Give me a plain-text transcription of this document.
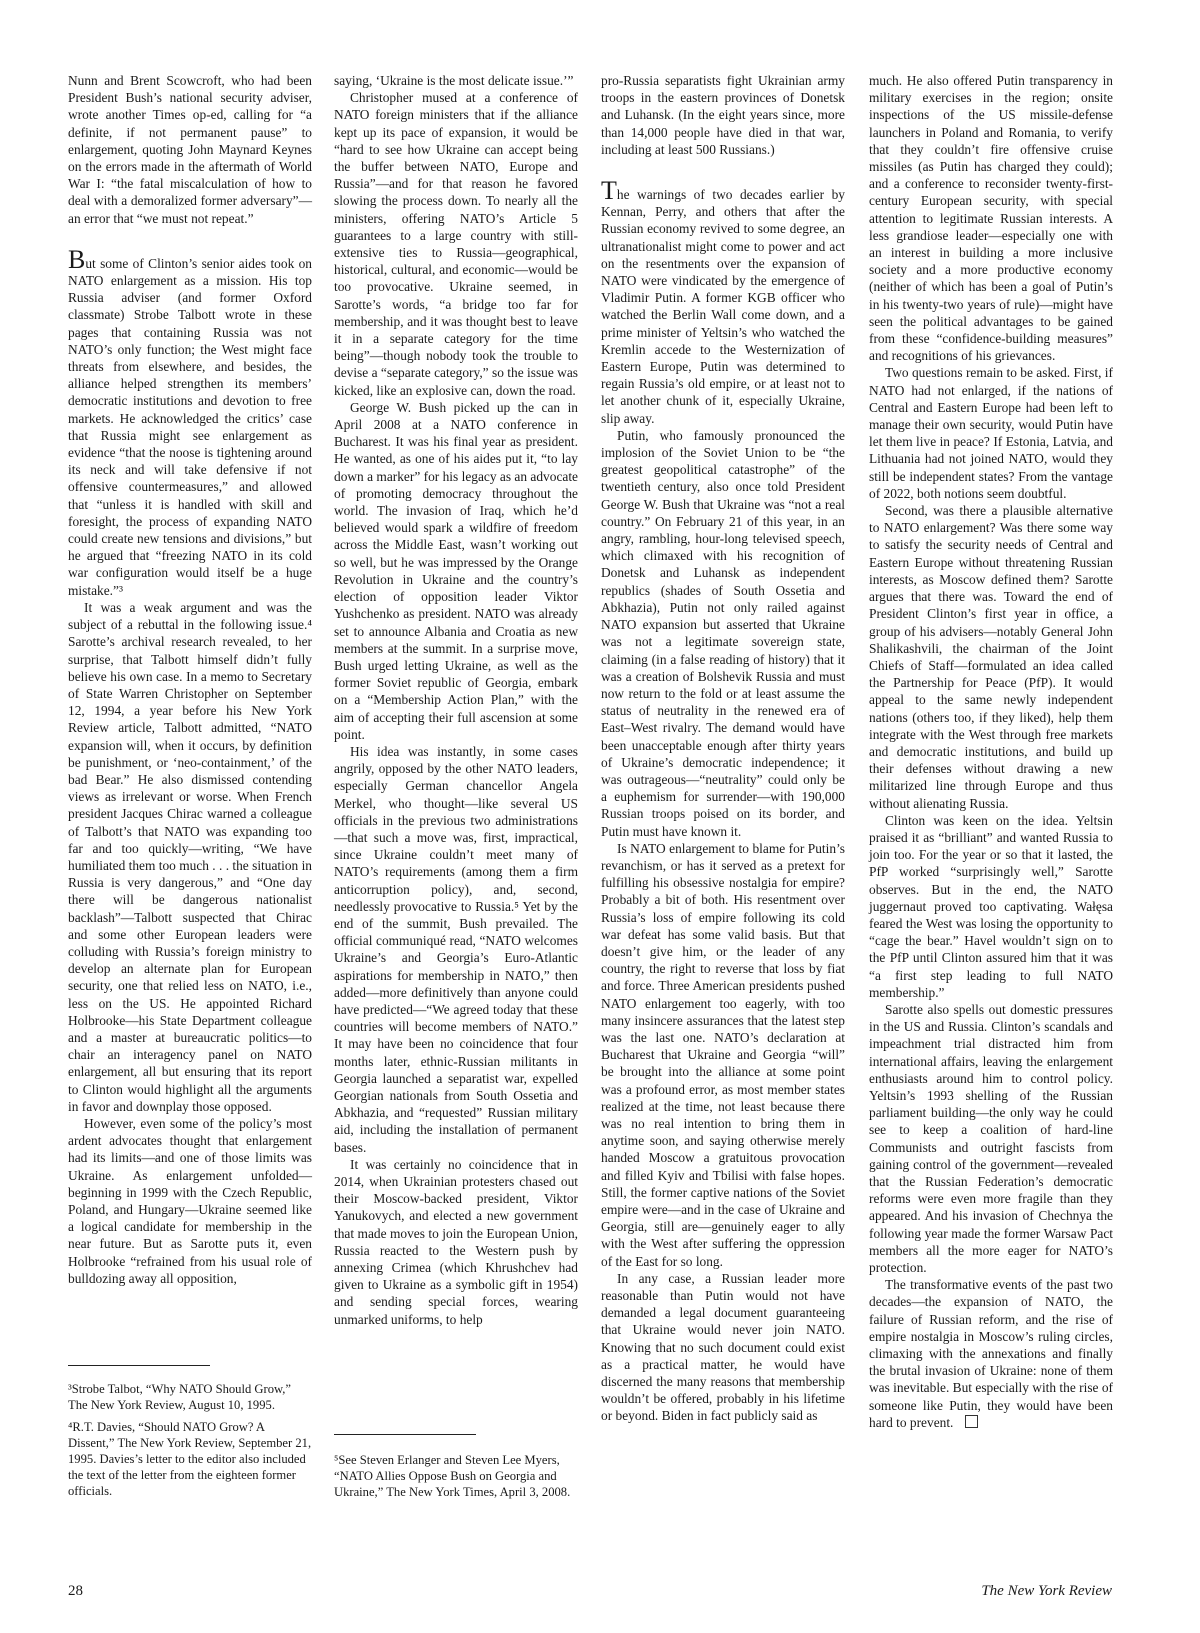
Nunn and Brent Scowcroft, who had been President Bush’s national security adviser, wrote another Times op-ed, calling for “a definite, if not permanent pause” to enlargement, quoting John Maynard Keynes on the errors made in the aftermath of World War I: “the fatal miscalculation of how to deal with a demoralized former adversary”—an error that “we must not repeat.”

But some of Clinton’s senior aides took on NATO enlargement as a mission. His top Russia adviser (and former Oxford classmate) Strobe Talbott wrote in these pages that containing Russia was not NATO’s only function; the West might face threats from elsewhere, and besides, the alliance helped strengthen its members’ democratic institutions and devotion to free markets. He acknowledged the critics’ case that Russia might see enlargement as evidence “that the noose is tightening around its neck and will take defensive if not offensive countermeasures,” and allowed that “unless it is handled with skill and foresight, the process of expanding NATO could create new tensions and divisions,” but he argued that “freezing NATO in its cold war configuration would itself be a huge mistake.”³

It was a weak argument and was the subject of a rebuttal in the following issue.⁴ Sarotte’s archival research revealed, to her surprise, that Talbott himself didn’t fully believe his own case. In a memo to Secretary of State Warren Christopher on September 12, 1994, a year before his New York Review article, Talbott admitted, “NATO expansion will, when it occurs, by definition be punishment, or ‘neo-containment,’ of the bad Bear.” He also dismissed contending views as irrelevant or worse. When French president Jacques Chirac warned a colleague of Talbott’s that NATO was expanding too far and too quickly—writing, “We have humiliated them too much . . . the situation in Russia is very dangerous,” and “One day there will be dangerous nationalist backlash”—Talbott suspected that Chirac and some other European leaders were colluding with Russia’s foreign ministry to develop an alternate plan for European security, one that relied less on NATO, i.e., less on the US. He appointed Richard Holbrooke—his State Department colleague and a master at bureaucratic politics—to chair an interagency panel on NATO enlargement, all but ensuring that its report to Clinton would highlight all the arguments in favor and downplay those opposed.

However, even some of the policy’s most ardent advocates thought that enlargement had its limits—and one of those limits was Ukraine. As enlargement unfolded—beginning in 1999 with the Czech Republic, Poland, and Hungary—Ukraine seemed like a logical candidate for membership in the near future. But as Sarotte puts it, even Holbrooke “refrained from his usual role of bulldozing away all opposition,

³Strobe Talbot, “Why NATO Should Grow,” The New York Review, August 10, 1995.

⁴R.T. Davies, “Should NATO Grow? A Dissent,” The New York Review, September 21, 1995. Davies’s letter to the editor also included the text of the letter from the eighteen former officials.

saying, ‘Ukraine is the most delicate issue.’”

Christopher mused at a conference of NATO foreign ministers that if the alliance kept up its pace of expansion, it would be “hard to see how Ukraine can accept being the buffer between NATO, Europe and Russia”—and for that reason he favored slowing the process down. To nearly all the ministers, offering NATO’s Article 5 guarantees to a large country with still-extensive ties to Russia—geographical, historical, cultural, and economic—would be too provocative. Ukraine seemed, in Sarotte’s words, “a bridge too far for membership, and it was thought best to leave it in a separate category for the time being”—though nobody took the trouble to devise a “separate category,” so the issue was kicked, like an explosive can, down the road.

George W. Bush picked up the can in April 2008 at a NATO conference in Bucharest. It was his final year as president. He wanted, as one of his aides put it, “to lay down a marker” for his legacy as an advocate of promoting democracy throughout the world. The invasion of Iraq, which he’d believed would spark a wildfire of freedom across the Middle East, wasn’t working out so well, but he was impressed by the Orange Revolution in Ukraine and the country’s election of opposition leader Viktor Yushchenko as president. NATO was already set to announce Albania and Croatia as new members at the summit. In a surprise move, Bush urged letting Ukraine, as well as the former Soviet republic of Georgia, embark on a “Membership Action Plan,” with the aim of accepting their full ascension at some point.

His idea was instantly, in some cases angrily, opposed by the other NATO leaders, especially German chancellor Angela Merkel, who thought—like several US officials in the previous two administrations—that such a move was, first, impractical, since Ukraine couldn’t meet many of NATO’s requirements (among them a firm anticorruption policy), and, second, needlessly provocative to Russia.⁵ Yet by the end of the summit, Bush prevailed. The official communiqué read, “NATO welcomes Ukraine’s and Georgia’s Euro-Atlantic aspirations for membership in NATO,” then added—more definitively than anyone could have predicted—“We agreed today that these countries will become members of NATO.” It may have been no coincidence that four months later, ethnic-Russian militants in Georgia launched a separatist war, expelled Georgian nationals from South Ossetia and Abkhazia, and “requested” Russian military aid, including the installation of permanent bases.

It was certainly no coincidence that in 2014, when Ukrainian protesters chased out their Moscow-backed president, Viktor Yanukovych, and elected a new government that made moves to join the European Union, Russia reacted to the Western push by annexing Crimea (which Khrushchev had given to Ukraine as a symbolic gift in 1954) and sending special forces, wearing unmarked uniforms, to help

⁵See Steven Erlanger and Steven Lee Myers, “NATO Allies Oppose Bush on Georgia and Ukraine,” The New York Times, April 3, 2008.

pro-Russia separatists fight Ukrainian army troops in the eastern provinces of Donetsk and Luhansk. (In the eight years since, more than 14,000 people have died in that war, including at least 500 Russians.)

The warnings of two decades earlier by Kennan, Perry, and others that after the Russian economy revived to some degree, an ultranationalist might come to power and act on the resentments over the expansion of NATO were vindicated by the emergence of Vladimir Putin. A former KGB officer who watched the Berlin Wall come down, and a prime minister of Yeltsin’s who watched the Kremlin accede to the Westernization of Eastern Europe, Putin was determined to regain Russia’s old empire, or at least not to let another chunk of it, especially Ukraine, slip away.

Putin, who famously pronounced the implosion of the Soviet Union to be “the greatest geopolitical catastrophe” of the twentieth century, also once told President George W. Bush that Ukraine was “not a real country.” On February 21 of this year, in an angry, rambling, hour-long televised speech, which climaxed with his recognition of Donetsk and Luhansk as independent republics (shades of South Ossetia and Abkhazia), Putin not only railed against NATO expansion but asserted that Ukraine was not a legitimate sovereign state, claiming (in a false reading of history) that it was a creation of Bolshevik Russia and must now return to the fold or at least assume the status of neutrality in the renewed era of East–West rivalry. The demand would have been unacceptable enough after thirty years of Ukraine’s democratic independence; it was outrageous—“neutrality” could only be a euphemism for surrender—with 190,000 Russian troops poised on its border, and Putin must have known it.

Is NATO enlargement to blame for Putin’s revanchism, or has it served as a pretext for fulfilling his obsessive nostalgia for empire? Probably a bit of both. His resentment over Russia’s loss of empire following its cold war defeat has some valid basis. But that doesn’t give him, or the leader of any country, the right to reverse that loss by fiat and force. Three American presidents pushed NATO enlargement too eagerly, with too many insincere assurances that the latest step was the last one. NATO’s declaration at Bucharest that Ukraine and Georgia “will” be brought into the alliance at some point was a profound error, as most member states realized at the time, not least because there was no real intention to bring them in anytime soon, and saying otherwise merely handed Moscow a gratuitous provocation and filled Kyiv and Tbilisi with false hopes. Still, the former captive nations of the Soviet empire were—and in the case of Ukraine and Georgia, still are—genuinely eager to ally with the West after suffering the oppression of the East for so long.

In any case, a Russian leader more reasonable than Putin would not have demanded a legal document guaranteeing that Ukraine would never join NATO. Knowing that no such document could exist as a practical matter, he would have discerned the many reasons that membership wouldn’t be offered, probably in his lifetime or beyond. Biden in fact publicly said as

much. He also offered Putin transparency in military exercises in the region; onsite inspections of the US missile-defense launchers in Poland and Romania, to verify that they couldn’t fire offensive cruise missiles (as Putin has charged they could); and a conference to reconsider twenty-first-century European security, with special attention to legitimate Russian interests. A less grandiose leader—especially one with an interest in building a more inclusive society and a more productive economy (neither of which has been a goal of Putin’s in his twenty-two years of rule)—might have seen the political advantages to be gained from these “confidence-building measures” and recognitions of his grievances.

Two questions remain to be asked. First, if NATO had not enlarged, if the nations of Central and Eastern Europe had been left to manage their own security, would Putin have let them live in peace? If Estonia, Latvia, and Lithuania had not joined NATO, would they still be independent states? From the vantage of 2022, both notions seem doubtful.

Second, was there a plausible alternative to NATO enlargement? Was there some way to satisfy the security needs of Central and Eastern Europe without threatening Russian interests, as Moscow defined them? Sarotte argues that there was. Toward the end of President Clinton’s first year in office, a group of his advisers—notably General John Shalikashvili, the chairman of the Joint Chiefs of Staff—formulated an idea called the Partnership for Peace (PfP). It would appeal to the same newly independent nations (others too, if they liked), help them integrate with the West through free markets and democratic institutions, and build up their defenses without drawing a new militarized line through Europe and thus without alienating Russia.

Clinton was keen on the idea. Yeltsin praised it as “brilliant” and wanted Russia to join too. For the year or so that it lasted, the PfP worked “surprisingly well,” Sarotte observes. But in the end, the NATO juggernaut proved too captivating. Wałęsa feared the West was losing the opportunity to “cage the bear.” Havel wouldn’t sign on to the PfP until Clinton assured him that it was “a first step leading to full NATO membership.”

Sarotte also spells out domestic pressures in the US and Russia. Clinton’s scandals and impeachment trial distracted him from international affairs, leaving the enlargement enthusiasts around him to control policy. Yeltsin’s 1993 shelling of the Russian parliament building—the only way he could see to keep a coalition of hard-line Communists and outright fascists from gaining control of the government—revealed that the Russian Federation’s democratic reforms were even more fragile than they appeared. And his invasion of Chechnya the following year made the former Warsaw Pact members all the more eager for NATO’s protection.

The transformative events of the past two decades—the expansion of NATO, the failure of Russian reform, and the rise of empire nostalgia in Moscow’s ruling circles, climaxing with the annexations and finally the brutal invasion of Ukraine: none of them was inevitable. But especially with the rise of someone like Putin, they would have been hard to prevent.

28	The New York Review
